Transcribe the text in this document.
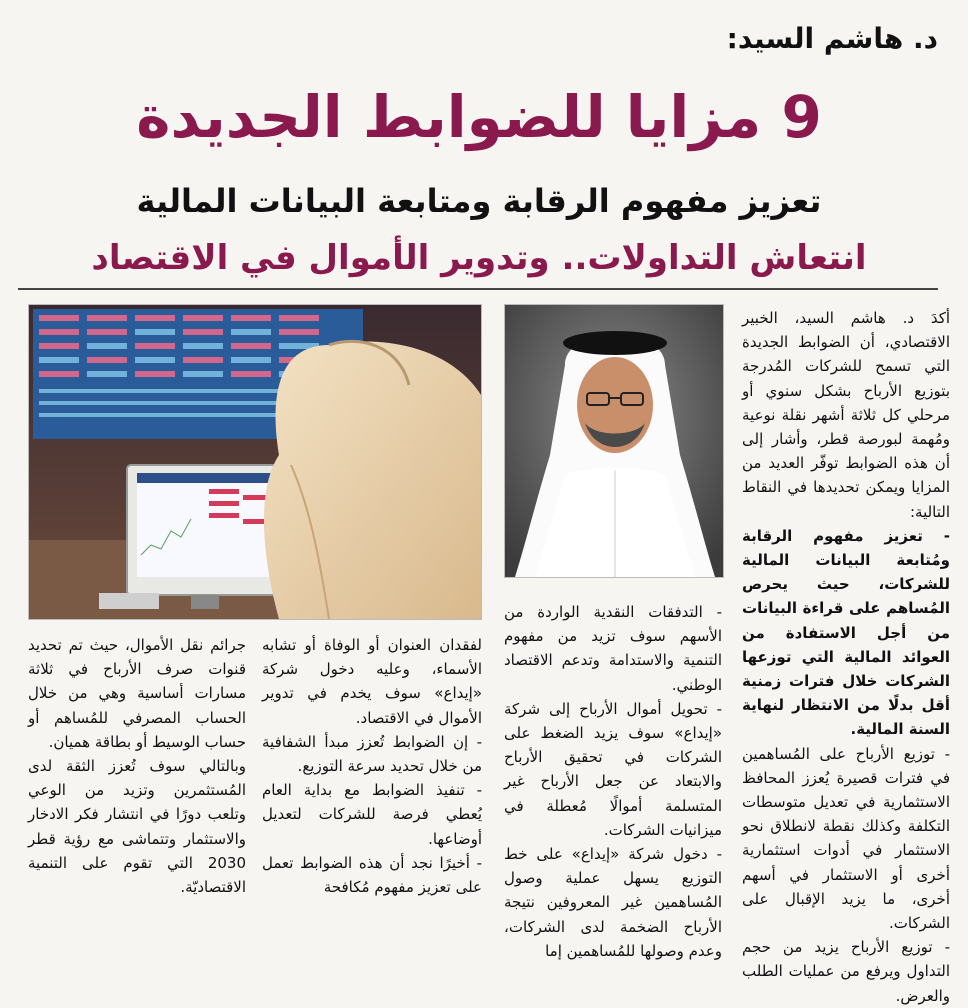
د. هاشم السيد:
9 مزايا للضوابط الجديدة
تعزيز مفهوم الرقابة ومتابعة البيانات المالية
انتعاش التداولات.. وتدوير الأموال في الاقتصاد

أكدَ د. هاشم السيد، الخبير الاقتصادي، أن الضوابط الجديدة التي تسمح للشركات المُدرجة بتوزيع الأرباح بشكل سنوي أو مرحلي كل ثلاثة أشهر نقلة نوعية ومُهمة لبورصة قطر، وأشار إلى أن هذه الضوابط توفّر العديد من المزايا ويمكن تحديدها في النقاط التالية:

- تعزيز مفهوم الرقابة ومُتابعة البيانات المالية للشركات، حيث يحرص المُساهم على قراءة البيانات من أجل الاستفادة من العوائد المالية التي توزعها الشركات خلال فترات زمنية أقل بدلًا من الانتظار لنهاية السنة المالية.

- توزيع الأرباح على المُساهمين في فترات قصيرة يُعزز المحافظ الاستثمارية في تعديل متوسطات التكلفة وكذلك نقطة لانطلاق نحو الاستثمار في أدوات استثمارية أخرى أو الاستثمار في أسهم أخرى، ما يزيد الإقبال على الشركات.

- توزيع الأرباح يزيد من حجم التداول ويرفع من عمليات الطلب والعرض.

- التدفقات النقدية الواردة من الأسهم سوف تزيد من مفهوم التنمية والاستدامة وتدعم الاقتصاد الوطني.

- تحويل أموال الأرباح إلى شركة «إيداع» سوف يزيد الضغط على الشركات في تحقيق الأرباح والابتعاد عن جعل الأرباح غير المتسلمة أموالًا مُعطلة في ميزانيات الشركات.

- دخول شركة «إيداع» على خط التوزيع يسهل عملية وصول المُساهمين غير المعروفين نتيجة الأرباح الضخمة لدى الشركات، وعدم وصولها للمُساهمين إما

لفقدان العنوان أو الوفاة أو تشابه الأسماء، وعليه دخول شركة «إيداع» سوف يخدم في تدوير الأموال في الاقتصاد.

- إن الضوابط تُعزز مبدأ الشفافية من خلال تحديد سرعة التوزيع.

- تنفيذ الضوابط مع بداية العام يُعطي فرصة للشركات لتعديل أوضاعها.

- أخيرًا نجد أن هذه الضوابط تعمل على تعزيز مفهوم مُكافحة

جرائم نقل الأموال، حيث تم تحديد قنوات صرف الأرباح في ثلاثة مسارات أساسية وهي من خلال الحساب المصرفي للمُساهم أو حساب الوسيط أو بطاقة هميان.

وبالتالي سوف تُعزز الثقة لدى المُستثمرين وتزيد من الوعي وتلعب دورًا في انتشار فكر الادخار والاستثمار وتتماشى مع رؤية قطر 2030 التي تقوم على التنمية الاقتصاديّة.
